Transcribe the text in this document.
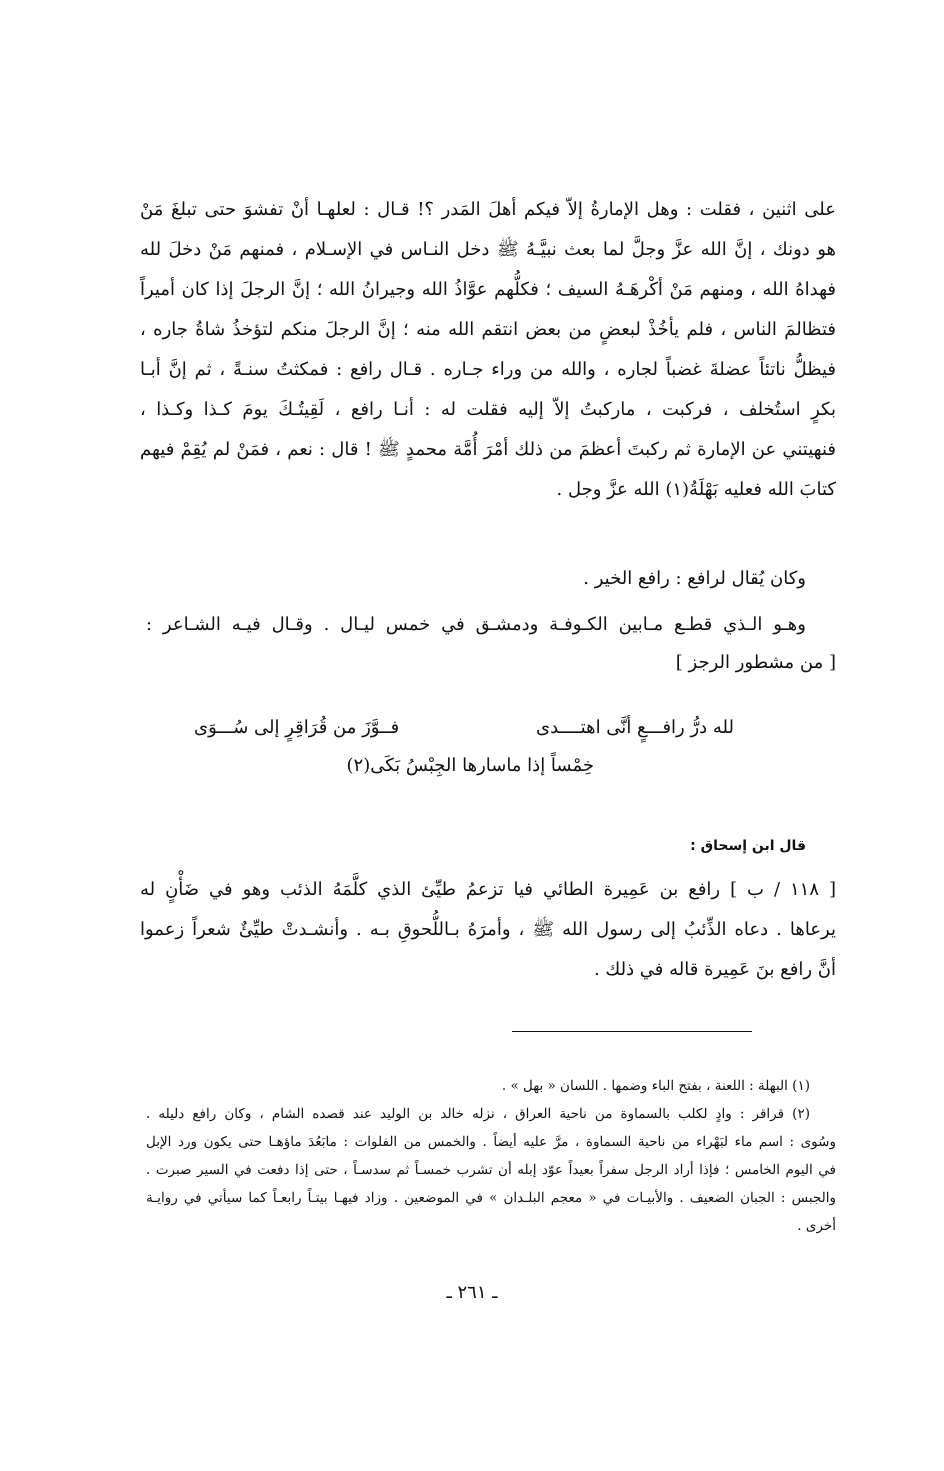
على اثنين ، فقلت : وهل الإمارةُ إلاّ فيكم أهلَ المَدر ؟! قـال : لعلهـا أنْ تفشوَ حتى تبلغَ مَنْ
هو دونك ، إنَّ الله عزَّ وجلَّ لما بعث نبيَّـهُ ﷺ دخل النـاس في الإسـلام ، فمنهم مَنْ دخلَ لله
فهداهُ الله ، ومنهم مَنْ أكْرهَـهُ السيف ؛ فكلُّهم عوَّاذُ الله وجيرانُ الله ؛ إنَّ الرجلَ إذا كان أميراً
فتظالمَ الناس ، فلم يأخُذْ لبعضٍ من بعض انتقم الله منه ؛ إنَّ الرجلَ منكم لتؤخذُ شاةُ جاره ،
فيظلُّ ناتئاً عضلةَ غضباً لجاره ، والله من وراء جـاره . قـال رافع : فمكثتُ سنـةً ، ثم إنَّ أبـا
بكرٍ استُخلف ، فركبت ، ماركبتُ إلاّ إليه فقلت له : أنـا رافع ، لَقِيتُـكَ يومَ كـذا وكـذا ،
فنهيتني عن الإمارة ثم ركبتَ أعظمَ من ذلك أمْرَ أُمَّة محمدٍ ﷺ ! قال : نعم ، فمَنْ لم يُقِمْ فيهم
كتابَ الله فعليه بَهْلَةُ(١) الله عزَّ وجل .
وكان يُقال لرافع : رافع الخير .
وهـو الـذي قطـع مـابين الكـوفـة ودمشـق في خمس ليـال . وقـال فيـه الشـاعر :
[ من مشطور الرجز ]
لله درُّ رافـــعٍ أنَّى اهتــــدى
فــوَّزَ من قُرَاقِرٍ إلى سُـــوَى
خِمْساً إذا ماسارها الجِبْسُ بَكَى(٢)
قال ابن إسحاق :
[ ١١٨ / ب ] رافع بن عَمِيرة الطائي فيا تزعمُ طيِّئ الذي كلَّمَهُ الذئب وهو في ضَأْنٍ له
يرعاها . دعاه الذِّئبُ إلى رسول الله ﷺ ، وأمرَهُ بـاللُّحوقِ بـه . وأنشـدتْ طيِّئٌ شعراً زعموا
أنَّ رافع بنَ عَمِيرة قاله في ذلك .
(١) البهلة : اللعنة ، بفتح الباء وضمها . اللسان « بهل » .
(٢) قراقر : وادٍ لكلب بالسماوة من ناحية العراق ، نزله خالد بن الوليد عند قصده الشام ، وكان رافع دليله .
وسُوى : اسم ماء لبَهْراء من ناحية السماوة ، مرَّ عليه أيضاً . والخمس من الفلوات : مابَعُدَ ماؤهـا حتى يكون ورد الإبل
في اليوم الخامس ؛ فإذا أراد الرجل سفراً بعيداً عوّد إبله أن تشرب خمسـاً ثم سدسـاً ، حتى إذا دفعت في السير صبرت .
والجبس : الجبان الضعيف . والأبيـات في « معجم البلـدان » في الموضعين . وزاد فيهـا بيتـاً رابعـاً كما سيأتي في روايـة
أخرى .
ـ ٢٦١ ـ
